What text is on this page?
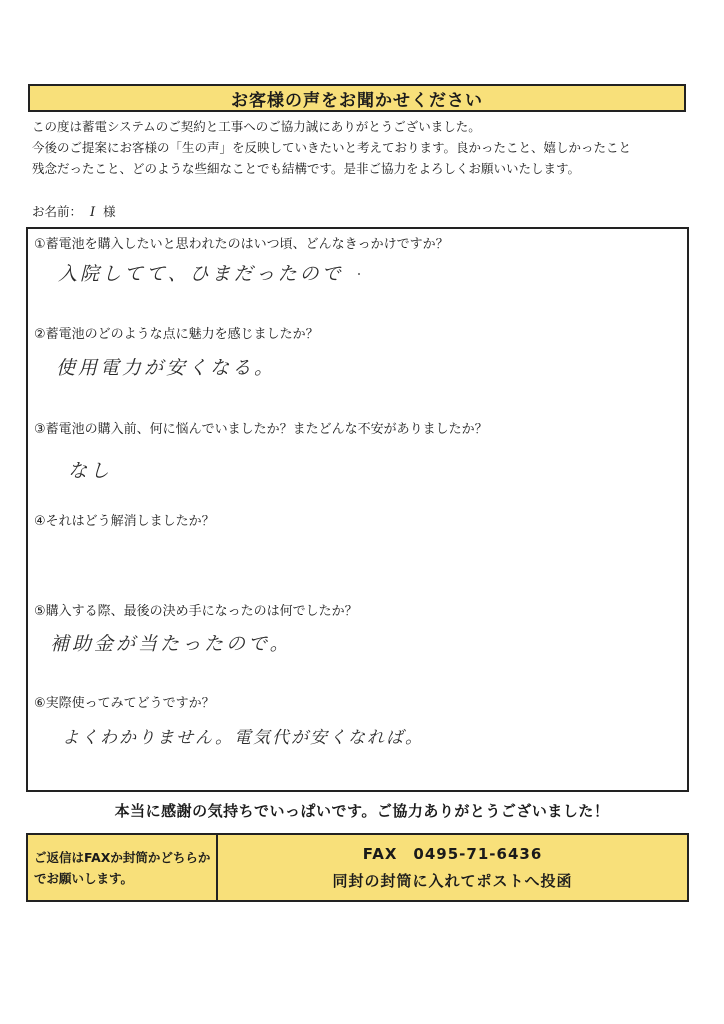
お客様の声をお聞かせください
この度は蓄電システムのご契約と工事へのご協力誠にありがとうございました。
今後のご提案にお客様の「生の声」を反映していきたいと考えております。良かったこと、嬉しかったこと
残念だったこと、どのような些細なことでも結構です。是非ご協力をよろしくお願いいたします。
お名前： I 様
①蓄電池を購入したいと思われたのはいつ頃、どんなきっかけですか？
入院してて、ひまだったので
②蓄電池のどのような点に魅力を感じましたか？
使用電力が安くなる。
③蓄電池の購入前、何に悩んでいましたか？またどんな不安がありましたか？
なし
④それはどう解消しましたか？
⑤購入する際、最後の決め手になったのは何でしたか？
補助金が当たったので。
⑥実際使ってみてどうですか？
よくわかりません。電気代が安くなれば。
本当に感謝の気持ちでいっぱいです。ご協力ありがとうございました！
ご返信はFAXか封筒かどちらか
でお願いします。
FAX　0495-71-6436
同封の封筒に入れてポストへ投函
